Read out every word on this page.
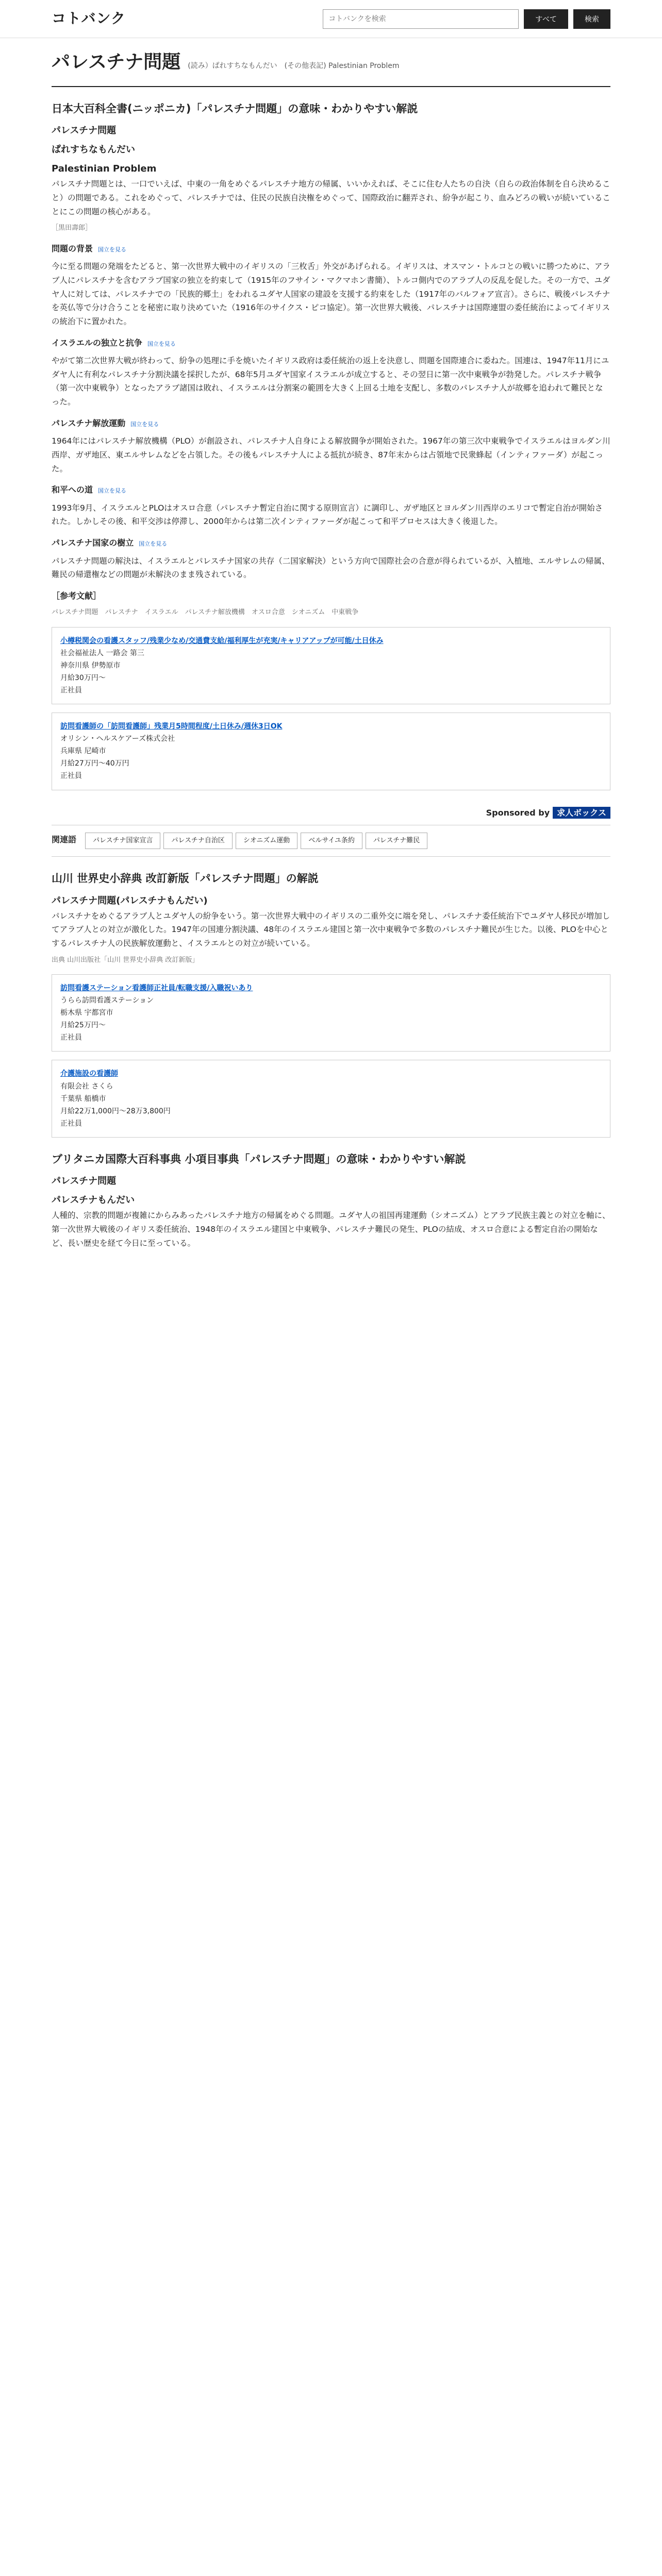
コトバンク
コトバンクを検索	すべて	検索
パレスチナ問題 (読み）ぱれすちなもんだい　(その他表記) Palestinian Problem
日本大百科全書(ニッポニカ)「パレスチナ問題」の意味・わかりやすい解説
パレスチナ問題
ぱれすちなもんだい
Palestinian Problem

パレスチナ問題とは、一口でいえば、中東の一角をめぐるパレスチナ地方の帰属、いいかえれば、そこに住む人たちの自決（自らの政治体制を自ら決めること）の問題である。これをめぐって、パレスチナでは、住民の民族自決権をめぐって、国際政治に翻弄され、紛争が起こり、血みどろの戦いが続いていることにこの問題の核心がある。

［黒田壽郎］

問題の背景 国立を見る

今に至る問題の発端をたどると、第一次世界大戦中のイギリスの「三枚舌」外交があげられる。イギリスは、オスマン・トルコとの戦いに勝つために、アラブ人にパレスチナを含むアラブ国家の独立を約束して（1915年のフサイン・マクマホン書簡）、トルコ側内でのアラブ人の反乱を促した。その一方で、ユダヤ人に対しては、パレスチナでの「民族的郷土」をわれるユダヤ人国家の建設を支援する約束をした（1917年のバルフォア宣言）。さらに、戦後パレスチナを英仏等で分け合うことを秘密に取り決めていた（1916年のサイクス・ピコ協定）。第一次世界大戦後、パレスチナは国際連盟の委任統治によってイギリスの統治下に置かれた。

イスラエルの独立と抗争 国立を見る

やがて第二次世界大戦が終わって、紛争の処理に手を焼いたイギリス政府は委任統治の返上を決意し、問題を国際連合に委ねた。国連は、1947年11月にユダヤ人に有利なパレスチナ分割決議を採択したが、68年5月ユダヤ国家イスラエルが成立すると、その翌日に第一次中東戦争が勃発した。パレスチナ戦争（第一次中東戦争）となったアラブ諸国は敗れ、イスラエルは分割案の範囲を大きく上回る土地を支配し、多数のパレスチナ人が故郷を追われて難民となった。

パレスチナ解放運動 国立を見る

1964年にはパレスチナ解放機構（PLO）が創設され、パレスチナ人自身による解放闘争が開始された。1967年の第三次中東戦争でイスラエルはヨルダン川西岸、ガザ地区、東エルサレムなどを占領した。その後もパレスチナ人による抵抗が続き、87年末からは占領地で民衆蜂起（インティファーダ）が起こった。

和平への道 国立を見る

1993年9月、イスラエルとPLOはオスロ合意（パレスチナ暫定自治に関する原則宣言）に調印し、ガザ地区とヨルダン川西岸のエリコで暫定自治が開始された。しかしその後、和平交渉は停滞し、2000年からは第二次インティファーダが起こって和平プロセスは大きく後退した。

パレスチナ国家の樹立 国立を見る

パレスチナ問題の解決は、イスラエルとパレスチナ国家の共存（二国家解決）という方向で国際社会の合意が得られているが、入植地、エルサレムの帰属、難民の帰還権などの問題が未解決のまま残されている。

［参考文献］

パレスチナ問題　パレスチナ　イスラエル　パレスチナ解放機構　オスロ合意　シオニズム　中東戦争

小樽税関会の看護スタッフ/残業少なめ/交通費支給/福利厚生が充実/キャリアアップが可能/土日休み
社会福祉法人 一路会 第三
神奈川県 伊勢原市
月給30万円〜
正社員
訪問看護師の「訪問看護師」残業月5時間程度/土日休み/週休3日OK
オリシン・ヘルスケアーズ株式会社
兵庫県 尼崎市
月給27万円〜40万円
正社員
Sponsored by 求人ボックス
関連語 パレスチナ国家宣言	パレスチナ自治区	シオニズム運動	ベルサイユ条約	パレスチナ難民
山川 世界史小辞典 改訂新版「パレスチナ問題」の解説
パレスチナ問題(パレスチナもんだい)

パレスチナをめぐるアラブ人とユダヤ人の紛争をいう。第一次世界大戦中のイギリスの二重外交に端を発し、パレスチナ委任統治下でユダヤ人移民が増加してアラブ人との対立が激化した。1947年の国連分割決議、48年のイスラエル建国と第一次中東戦争で多数のパレスチナ難民が生じた。以後、PLOを中心とするパレスチナ人の民族解放運動と、イスラエルとの対立が続いている。

出典 山川出版社「山川 世界史小辞典 改訂新版」

訪問看護ステーション看護師正社員/転職支援/入職祝いあり
うらら訪問看護ステーション
栃木県 宇都宮市
月給25万円〜
正社員
介護施設の看護師
有限会社 さくら
千葉県 船橋市
月給22万1,000円〜28万3,800円
正社員
ブリタニカ国際大百科事典 小項目事典「パレスチナ問題」の意味・わかりやすい解説
パレスチナ問題
パレスチナもんだい

人種的、宗教的問題が複雑にからみあったパレスチナ地方の帰属をめぐる問題。ユダヤ人の祖国再建運動（シオニズム）とアラブ民族主義との対立を軸に、第一次世界大戦後のイギリス委任統治、1948年のイスラエル建国と中東戦争、パレスチナ難民の発生、PLOの結成、オスロ合意による暫定自治の開始など、長い歴史を経て今日に至っている。
